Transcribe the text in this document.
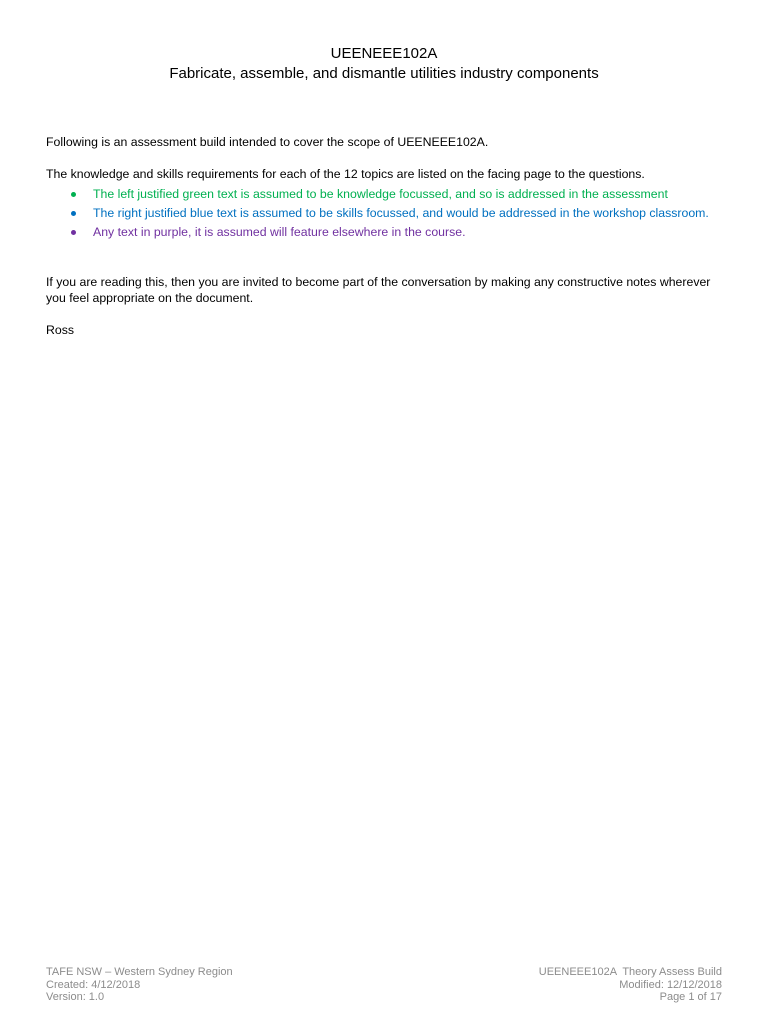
UEENEEE102A
Fabricate, assemble, and dismantle utilities industry components
Following is an assessment build intended to cover the scope of UEENEEE102A.
The knowledge and skills requirements for each of the 12 topics are listed on the facing page to the questions.
The left justified green text is assumed to be knowledge focussed, and so is addressed in the assessment
The right justified blue text is assumed to be skills focussed, and would be addressed in the workshop classroom.
Any text in purple, it is assumed will feature elsewhere in the course.
If you are reading this, then you are invited to become part of the conversation by making any constructive notes wherever you feel appropriate on the document.
Ross
TAFE NSW – Western Sydney Region
Created: 4/12/2018
Version: 1.0
UEENEEE102A  Theory Assess Build
Modified: 12/12/2018
Page 1 of 17
